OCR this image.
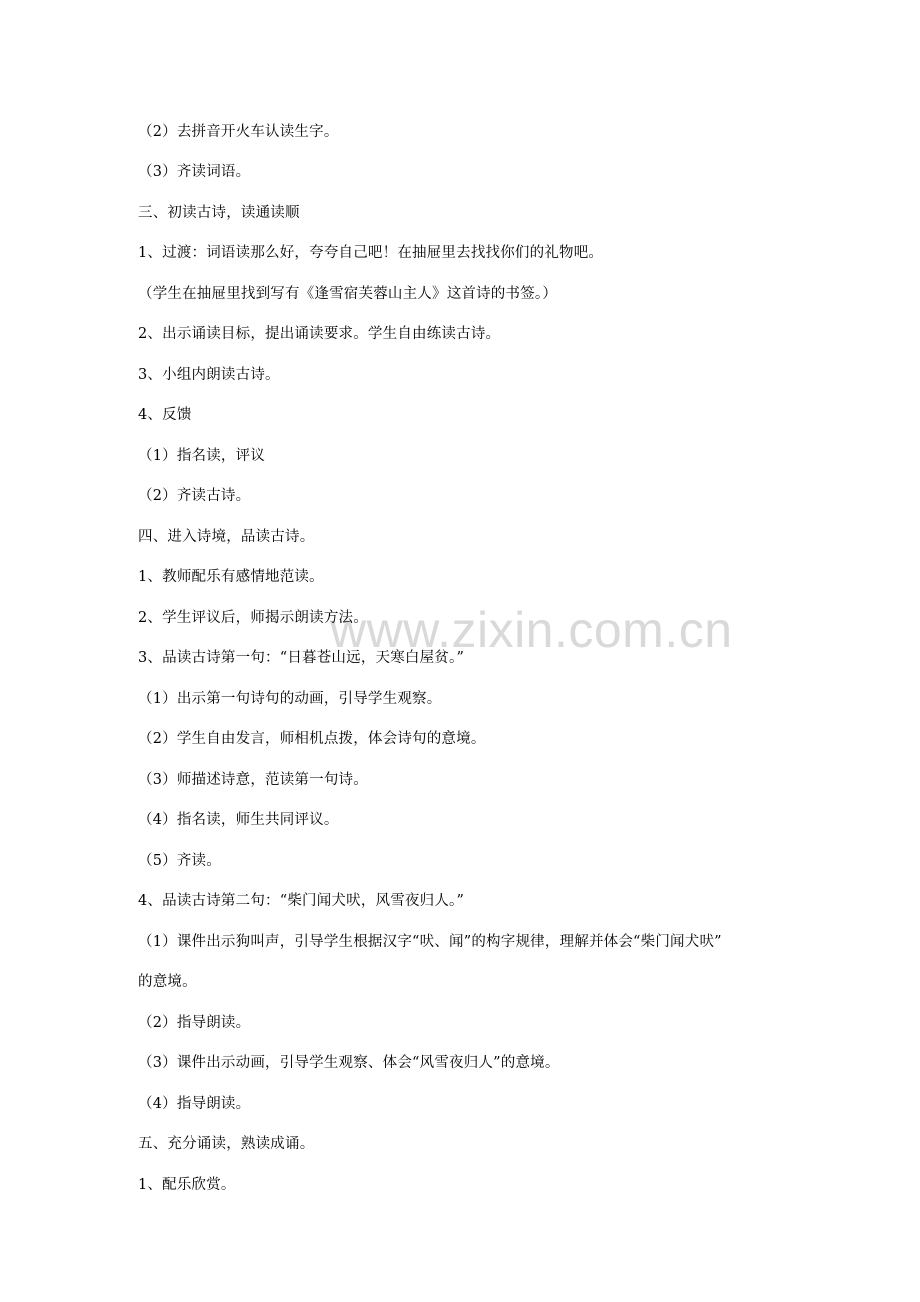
www.zixin.com.cn
（2）去拼音开火车认读生字。
（3）齐读词语。
三、初读古诗，读通读顺
1、过渡：词语读那么好，夸夸自己吧！在抽屉里去找找你们的礼物吧。
（学生在抽屉里找到写有《逢雪宿芙蓉山主人》这首诗的书签。）
2、出示诵读目标，提出诵读要求。学生自由练读古诗。
3、小组内朗读古诗。
4、反馈
（1）指名读，评议
（2）齐读古诗。
四、进入诗境，品读古诗。
1、教师配乐有感情地范读。
2、学生评议后，师揭示朗读方法。
3、品读古诗第一句：“日暮苍山远，天寒白屋贫。”
（1）出示第一句诗句的动画，引导学生观察。
（2）学生自由发言，师相机点拨，体会诗句的意境。
（3）师描述诗意，范读第一句诗。
（4）指名读，师生共同评议。
（5）齐读。
4、品读古诗第二句：“柴门闻犬吠，风雪夜归人。”
（1）课件出示狗叫声，引导学生根据汉字“吠、闻”的构字规律，理解并体会“柴门闻犬吠”
的意境。
（2）指导朗读。
（3）课件出示动画，引导学生观察、体会“风雪夜归人”的意境。
（4）指导朗读。
五、充分诵读，熟读成诵。
1、配乐欣赏。
